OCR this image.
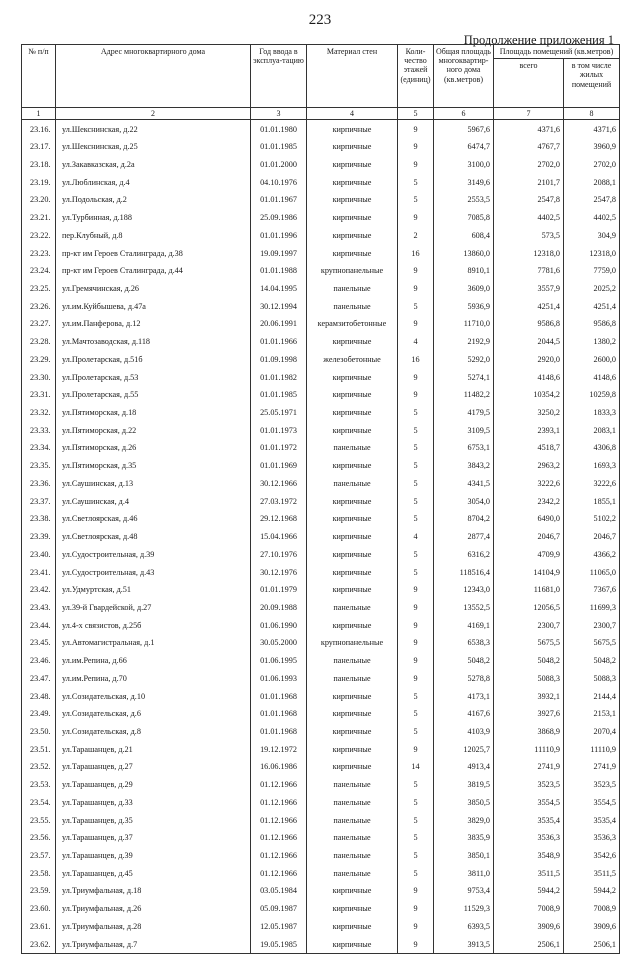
223
Продолжение приложения 1
№ п/п	Адрес многоквартирного дома	Год ввода в эксплуа-тацию	Материал стен	Коли-чество этажей (единиц)	Общая площадь многоквартир-ного дома (кв.метров)	Площадь помещений (кв.метров)	
						всего	в том числе жилых помещений
1	2	3	4	5	6	7	8
23.16.	ул.Шекснинская, д.22	01.01.1980	кирпичные	9	5967,6	4371,6	4371,6
23.17.	ул.Шекснинская, д.25	01.01.1985	кирпичные	9	6474,7	4767,7	3960,9
23.18.	ул.Закавказская, д.2а	01.01.2000	кирпичные	9	3100,0	2702,0	2702,0
23.19.	ул.Люблинская, д.4	04.10.1976	кирпичные	5	3149,6	2101,7	2088,1
23.20.	ул.Подольская, д.2	01.01.1967	кирпичные	5	2553,5	2547,8	2547,8
23.21.	ул.Турбинная, д.188	25.09.1986	кирпичные	9	7085,8	4402,5	4402,5
23.22.	пер.Клубный, д.8	01.01.1996	кирпичные	2	608,4	573,5	304,9
23.23.	пр-кт им Героев Сталинграда, д.38	19.09.1997	кирпичные	16	13860,0	12318,0	12318,0
23.24.	пр-кт им Героев Сталинграда, д.44	01.01.1988	крупнопанельные	9	8910,1	7781,6	7759,0
23.25.	ул.Гремячинская, д.26	14.04.1995	панельные	9	3609,0	3557,9	2025,2
23.26.	ул.им.Куйбышева, д.47а	30.12.1994	панельные	5	5936,9	4251,4	4251,4
23.27.	ул.им.Панферова, д.12	20.06.1991	керамзитобетонные	9	11710,0	9586,8	9586,8
23.28.	ул.Мачтозаводская, д.118	01.01.1966	кирпичные	4	2192,9	2044,5	1380,2
23.29.	ул.Пролетарская, д.51б	01.09.1998	железобетонные	16	5292,0	2920,0	2600,0
23.30.	ул.Пролетарская, д.53	01.01.1982	кирпичные	9	5274,1	4148,6	4148,6
23.31.	ул.Пролетарская, д.55	01.01.1985	кирпичные	9	11482,2	10354,2	10259,8
23.32.	ул.Пятиморская, д.18	25.05.1971	кирпичные	5	4179,5	3250,2	1833,3
23.33.	ул.Пятиморская, д.22	01.01.1973	кирпичные	5	3109,5	2393,1	2083,1
23.34.	ул.Пятиморская, д.26	01.01.1972	панельные	5	6753,1	4518,7	4306,8
23.35.	ул.Пятиморская, д.35	01.01.1969	кирпичные	5	3843,2	2963,2	1693,3
23.36.	ул.Саушинская, д.13	30.12.1966	панельные	5	4341,5	3222,6	3222,6
23.37.	ул.Саушинская, д.4	27.03.1972	кирпичные	5	3054,0	2342,2	1855,1
23.38.	ул.Светлоярская, д.46	29.12.1968	кирпичные	5	8704,2	6490,0	5102,2
23.39.	ул.Светлоярская, д.48	15.04.1966	кирпичные	4	2877,4	2046,7	2046,7
23.40.	ул.Судостроительная, д.39	27.10.1976	кирпичные	5	6316,2	4709,9	4366,2
23.41.	ул.Судостроительная, д.43	30.12.1976	кирпичные	5	118516,4	14104,9	11065,0
23.42.	ул.Удмуртская, д.51	01.01.1979	кирпичные	9	12343,0	11681,0	7367,6
23.43.	ул.39-й Гвардейской, д.27	20.09.1988	панельные	9	13552,5	12056,5	11699,3
23.44.	ул.4-х связистов, д.25б	01.06.1990	кирпичные	9	4169,1	2300,7	2300,7
23.45.	ул.Автомагистральная, д.1	30.05.2000	крупнопанельные	9	6538,3	5675,5	5675,5
23.46.	ул.им.Репина, д.66	01.06.1995	панельные	9	5048,2	5048,2	5048,2
23.47.	ул.им.Репина, д.70	01.06.1993	панельные	9	5278,8	5088,3	5088,3
23.48.	ул.Созидательская, д.10	01.01.1968	кирпичные	5	4173,1	3932,1	2144,4
23.49.	ул.Созидательская, д.6	01.01.1968	кирпичные	5	4167,6	3927,6	2153,1
23.50.	ул.Созидательская, д.8	01.01.1968	кирпичные	5	4103,9	3868,9	2070,4
23.51.	ул.Тарашанцев, д.21	19.12.1972	кирпичные	9	12025,7	11110,9	11110,9
23.52.	ул.Тарашанцев, д.27	16.06.1986	кирпичные	14	4913,4	2741,9	2741,9
23.53.	ул.Тарашанцев, д.29	01.12.1966	панельные	5	3819,5	3523,5	3523,5
23.54.	ул.Тарашанцев, д.33	01.12.1966	панельные	5	3850,5	3554,5	3554,5
23.55.	ул.Тарашанцев, д.35	01.12.1966	панельные	5	3829,0	3535,4	3535,4
23.56.	ул.Тарашанцев, д.37	01.12.1966	панельные	5	3835,9	3536,3	3536,3
23.57.	ул.Тарашанцев, д.39	01.12.1966	панельные	5	3850,1	3548,9	3542,6
23.58.	ул.Тарашанцев, д.45	01.12.1966	панельные	5	3811,0	3511,5	3511,5
23.59.	ул.Триумфальная, д.18	03.05.1984	кирпичные	9	9753,4	5944,2	5944,2
23.60.	ул.Триумфальная, д.26	05.09.1987	кирпичные	9	11529,3	7008,9	7008,9
23.61.	ул.Триумфальная, д.28	12.05.1987	кирпичные	9	6393,5	3909,6	3909,6
23.62.	ул.Триумфальная, д.7	19.05.1985	кирпичные	9	3913,5	2506,1	2506,1
